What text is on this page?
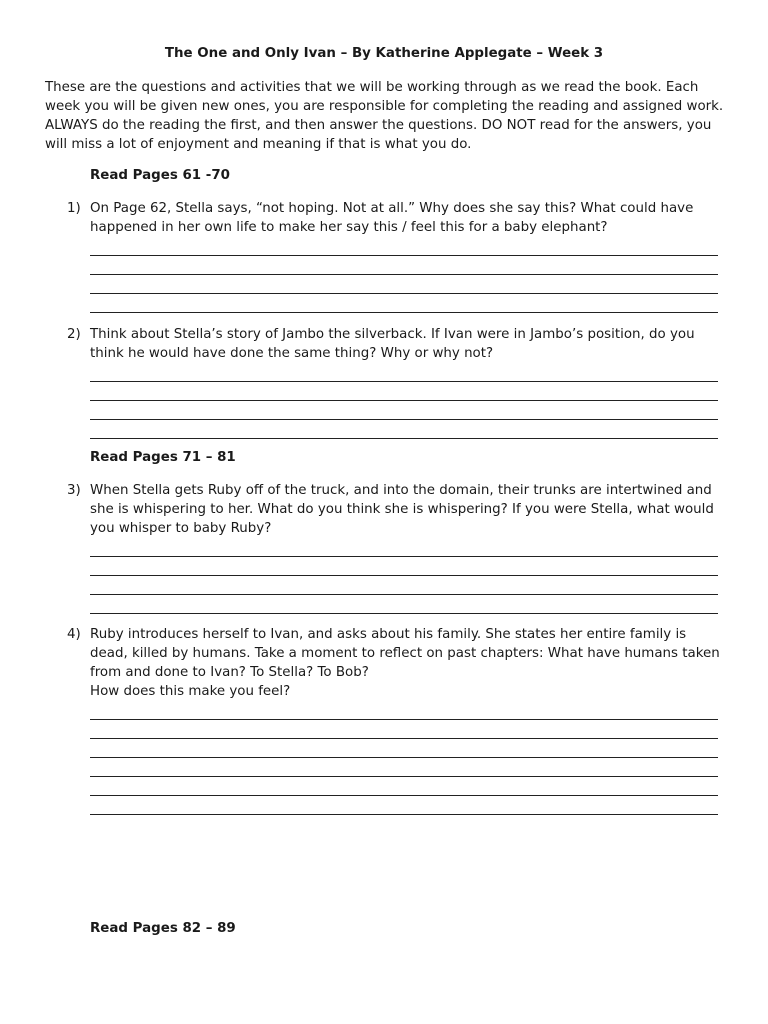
The One and Only Ivan – By Katherine Applegate – Week 3
These are the questions and activities that we will be working through as we read the book. Each week you will be given new ones, you are responsible for completing the reading and assigned work. ALWAYS do the reading the first, and then answer the questions. DO NOT read for the answers, you will miss a lot of enjoyment and meaning if that is what you do.
Read Pages 61 -70
1) On Page 62, Stella says, “not hoping. Not at all.” Why does she say this? What could have happened in her own life to make her say this / feel this for a baby elephant?
2) Think about Stella’s story of Jambo the silverback. If Ivan were in Jambo’s position, do you think he would have done the same thing? Why or why not?
Read Pages 71 – 81
3) When Stella gets Ruby off of the truck, and into the domain, their trunks are intertwined and she is whispering to her. What do you think she is whispering? If you were Stella, what would you whisper to baby Ruby?
4) Ruby introduces herself to Ivan, and asks about his family. She states her entire family is dead, killed by humans. Take a moment to reflect on past chapters: What have humans taken from and done to Ivan? To Stella? To Bob?
How does this make you feel?
Read Pages 82 – 89
